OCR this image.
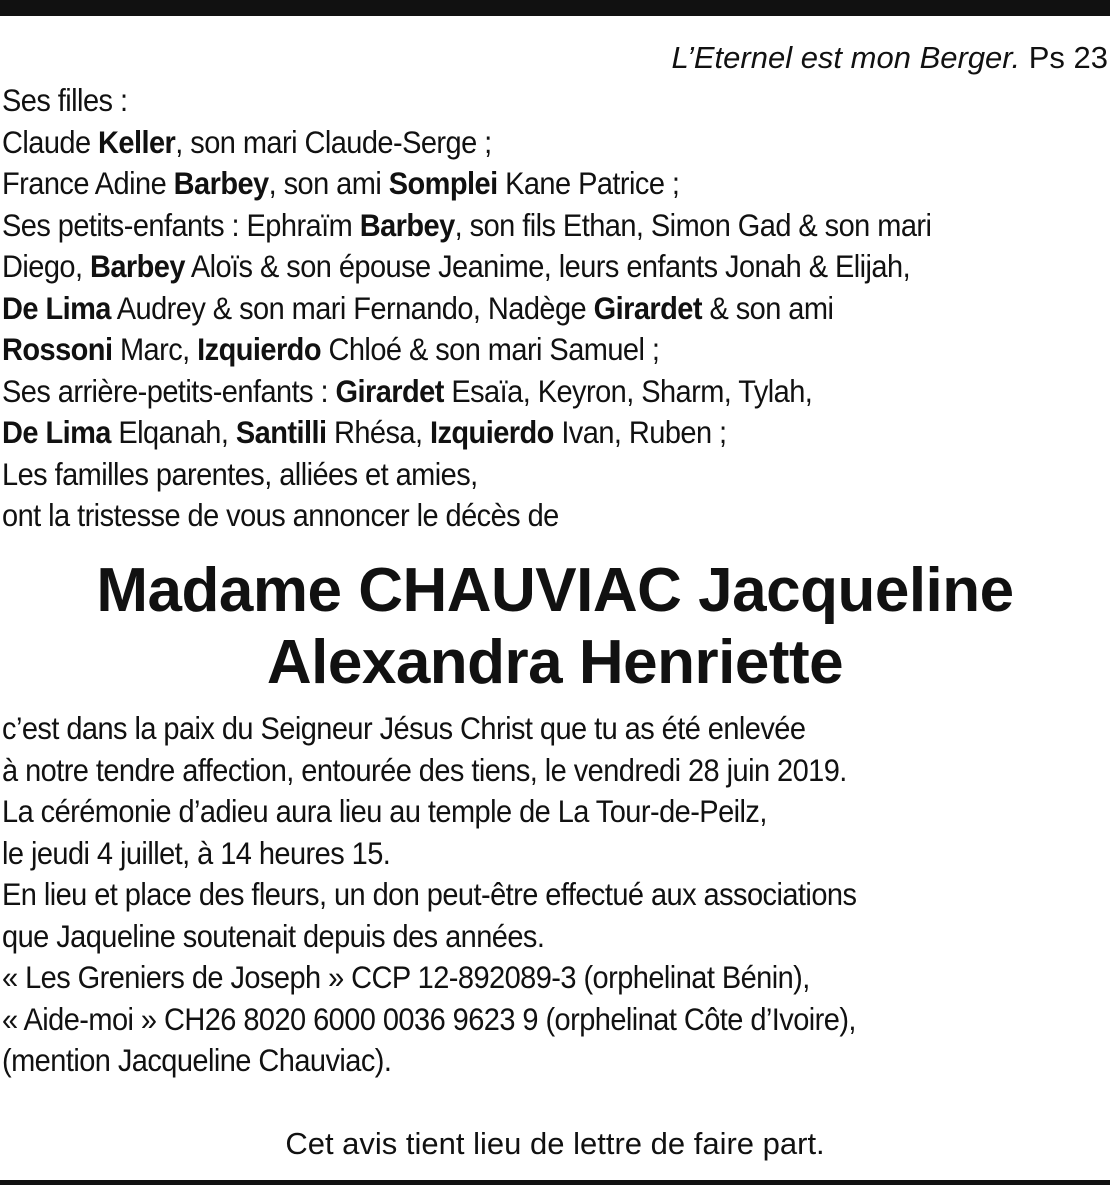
L’Eternel est mon Berger. Ps 23
Ses filles :
Claude Keller, son mari Claude-Serge ;
France Adine Barbey, son ami Somplei Kane Patrice ;
Ses petits-enfants : Ephraïm Barbey, son fils Ethan, Simon Gad & son mari
Diego, Barbey Aloïs & son épouse Jeanime, leurs enfants Jonah & Elijah,
De Lima Audrey & son mari Fernando, Nadège Girardet & son ami
Rossoni Marc, Izquierdo Chloé & son mari Samuel ;
Ses arrière-petits-enfants : Girardet Esaïa, Keyron, Sharm, Tylah,
De Lima Elqanah, Santilli Rhésa, Izquierdo Ivan, Ruben ;
Les familles parentes, alliées et amies,
ont la tristesse de vous annoncer le décès de
Madame CHAUVIAC Jacqueline
Alexandra Henriette
c’est dans la paix du Seigneur Jésus Christ que tu as été enlevée
à notre tendre affection, entourée des tiens, le vendredi 28 juin 2019.
La cérémonie d’adieu aura lieu au temple de La Tour-de-Peilz,
le jeudi 4 juillet, à 14 heures 15.
En lieu et place des fleurs, un don peut-être effectué aux associations
que Jaqueline soutenait depuis des années.
« Les Greniers de Joseph » CCP 12-892089-3 (orphelinat Bénin),
« Aide-moi » CH26 8020 6000 0036 9623 9 (orphelinat Côte d’Ivoire),
(mention Jacqueline Chauviac).
Cet avis tient lieu de lettre de faire part.
